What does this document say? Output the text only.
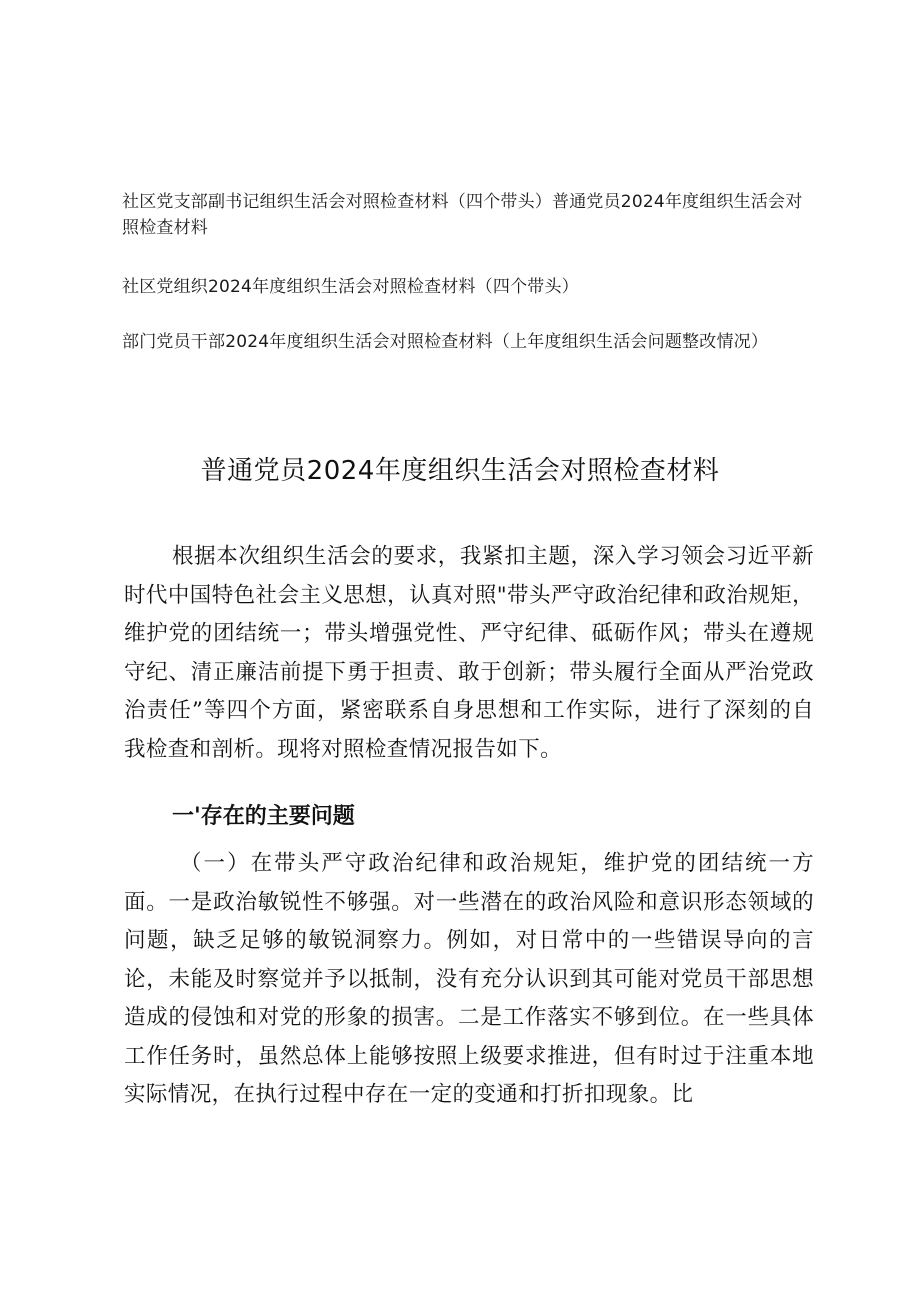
社区党支部副书记组织生活会对照检查材料（四个带头）普通党员2024年度组织生活会对照检查材料
社区党组织2024年度组织生活会对照检查材料（四个带头）
部门党员干部2024年度组织生活会对照检查材料（上年度组织生活会问题整改情况）
普通党员2024年度组织生活会对照检查材料

根据本次组织生活会的要求，我紧扣主题，深入学习领会习近平新时代中国特色社会主义思想，认真对照"带头严守政治纪律和政治规矩，维护党的团结统一；带头增强党性、严守纪律、砥砺作风；带头在遵规守纪、清正廉洁前提下勇于担责、敢于创新；带头履行全面从严治党政治责任”等四个方面，紧密联系自身思想和工作实际，进行了深刻的自我检查和剖析。现将对照检查情况报告如下。

一'存在的主要问题

（一）在带头严守政治纪律和政治规矩，维护党的团结统一方面。一是政治敏锐性不够强。对一些潜在的政治风险和意识形态领域的问题，缺乏足够的敏锐洞察力。例如，对日常中的一些错误导向的言论，未能及时察觉并予以抵制，没有充分认识到其可能对党员干部思想造成的侵蚀和对党的形象的损害。二是工作落实不够到位。在一些具体工作任务时，虽然总体上能够按照上级要求推进，但有时过于注重本地实际情况，在执行过程中存在一定的变通和打折扣现象。比
